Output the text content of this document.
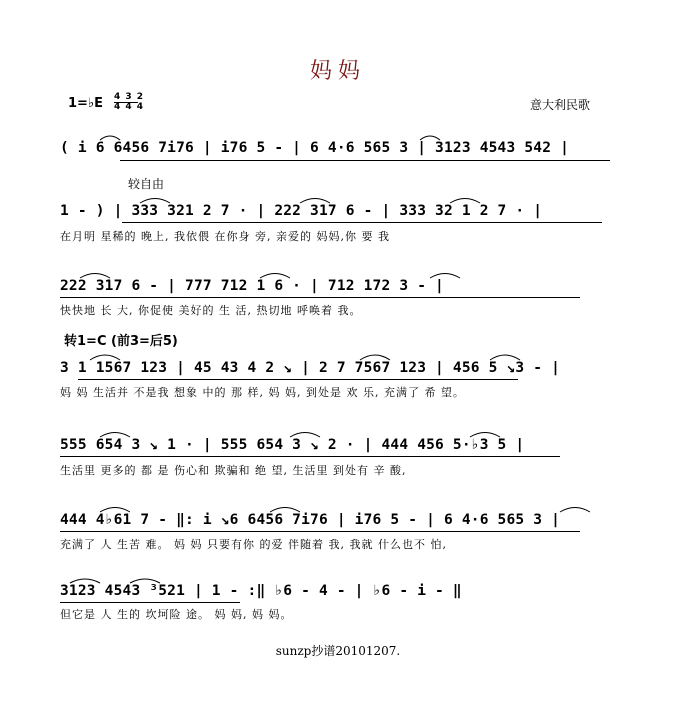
妈妈
1=♭E 4 3 2
4 4 4	意大利民歌
( i 6 6456 7i76 | i76 5 - | 6 4·6 565 3 | 3123 4543 542 |
较自由
1 - ) | 333 321 2 7 · | 222 317 6 - | 333 32 1 2 7 · |
在月明 星稀的 晚上, 我依偎 在你身 旁, 亲爱的 妈妈,你 要 我
222 317 6 - | 777 712 1 6 · | 712 172 3 - |
快快地 长 大, 你促使 美好的 生 活, 热切地 呼唤着 我。
转1=C (前3=后5)
3 1 1567 123 | 45 43 4 2 ↘ | 2 7 7567 123 | 456 5 ↘3 - |
妈 妈 生活并 不是我 想象 中的 那 样, 妈 妈, 到处是 欢 乐, 充满了 希 望。
555 654 3 ↘ 1 · | 555 654 3 ↘ 2 · | 444 456 5·♭3 5 |
生活里 更多的 都 是 伤心和 欺骗和 绝 望, 生活里 到处有 辛 酸,
444 4♭61 7 - ‖: i ↘6 6456 7i76 | i76 5 - | 6 4·6 565 3 |
充满了 人 生苦 难。 妈 妈 只要有你 的爱 伴随着 我, 我就 什么也不 怕,
3123 4543 ³521 | 1 - :‖ ♭6 - 4 - | ♭6 - i - ‖
但它是 人 生的 坎坷险 途。 妈 妈, 妈 妈。
sunzp抄谱20101207.
